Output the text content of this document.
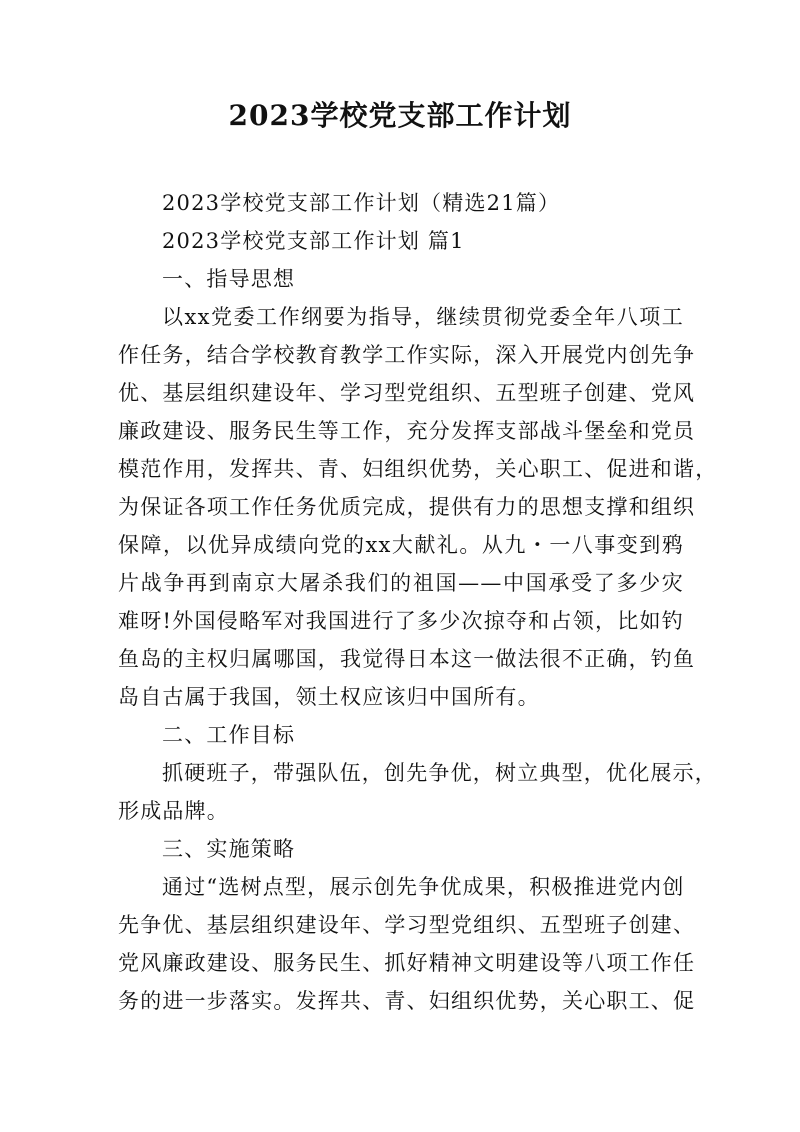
2023学校党支部工作计划
2023学校党支部工作计划（精选21篇）
2023学校党支部工作计划 篇1
一、指导思想
以xx党委工作纲要为指导，继续贯彻党委全年八项工
作任务，结合学校教育教学工作实际，深入开展党内创先争
优、基层组织建设年、学习型党组织、五型班子创建、党风
廉政建设、服务民生等工作，充分发挥支部战斗堡垒和党员
模范作用，发挥共、青、妇组织优势，关心职工、促进和谐，
为保证各项工作任务优质完成，提供有力的思想支撑和组织
保障，以优异成绩向党的xx大献礼。从九・一八事变到鸦
片战争再到南京大屠杀我们的祖国——中国承受了多少灾
难呀!外国侵略军对我国进行了多少次掠夺和占领，比如钓
鱼岛的主权归属哪国，我觉得日本这一做法很不正确，钓鱼
岛自古属于我国，领土权应该归中国所有。
二、工作目标
抓硬班子，带强队伍，创先争优，树立典型，优化展示，
形成品牌。
三、实施策略
通过“选树点型，展示创先争优成果，积极推进党内创
先争优、基层组织建设年、学习型党组织、五型班子创建、
党风廉政建设、服务民生、抓好精神文明建设等八项工作任
务的进一步落实。发挥共、青、妇组织优势，关心职工、促
